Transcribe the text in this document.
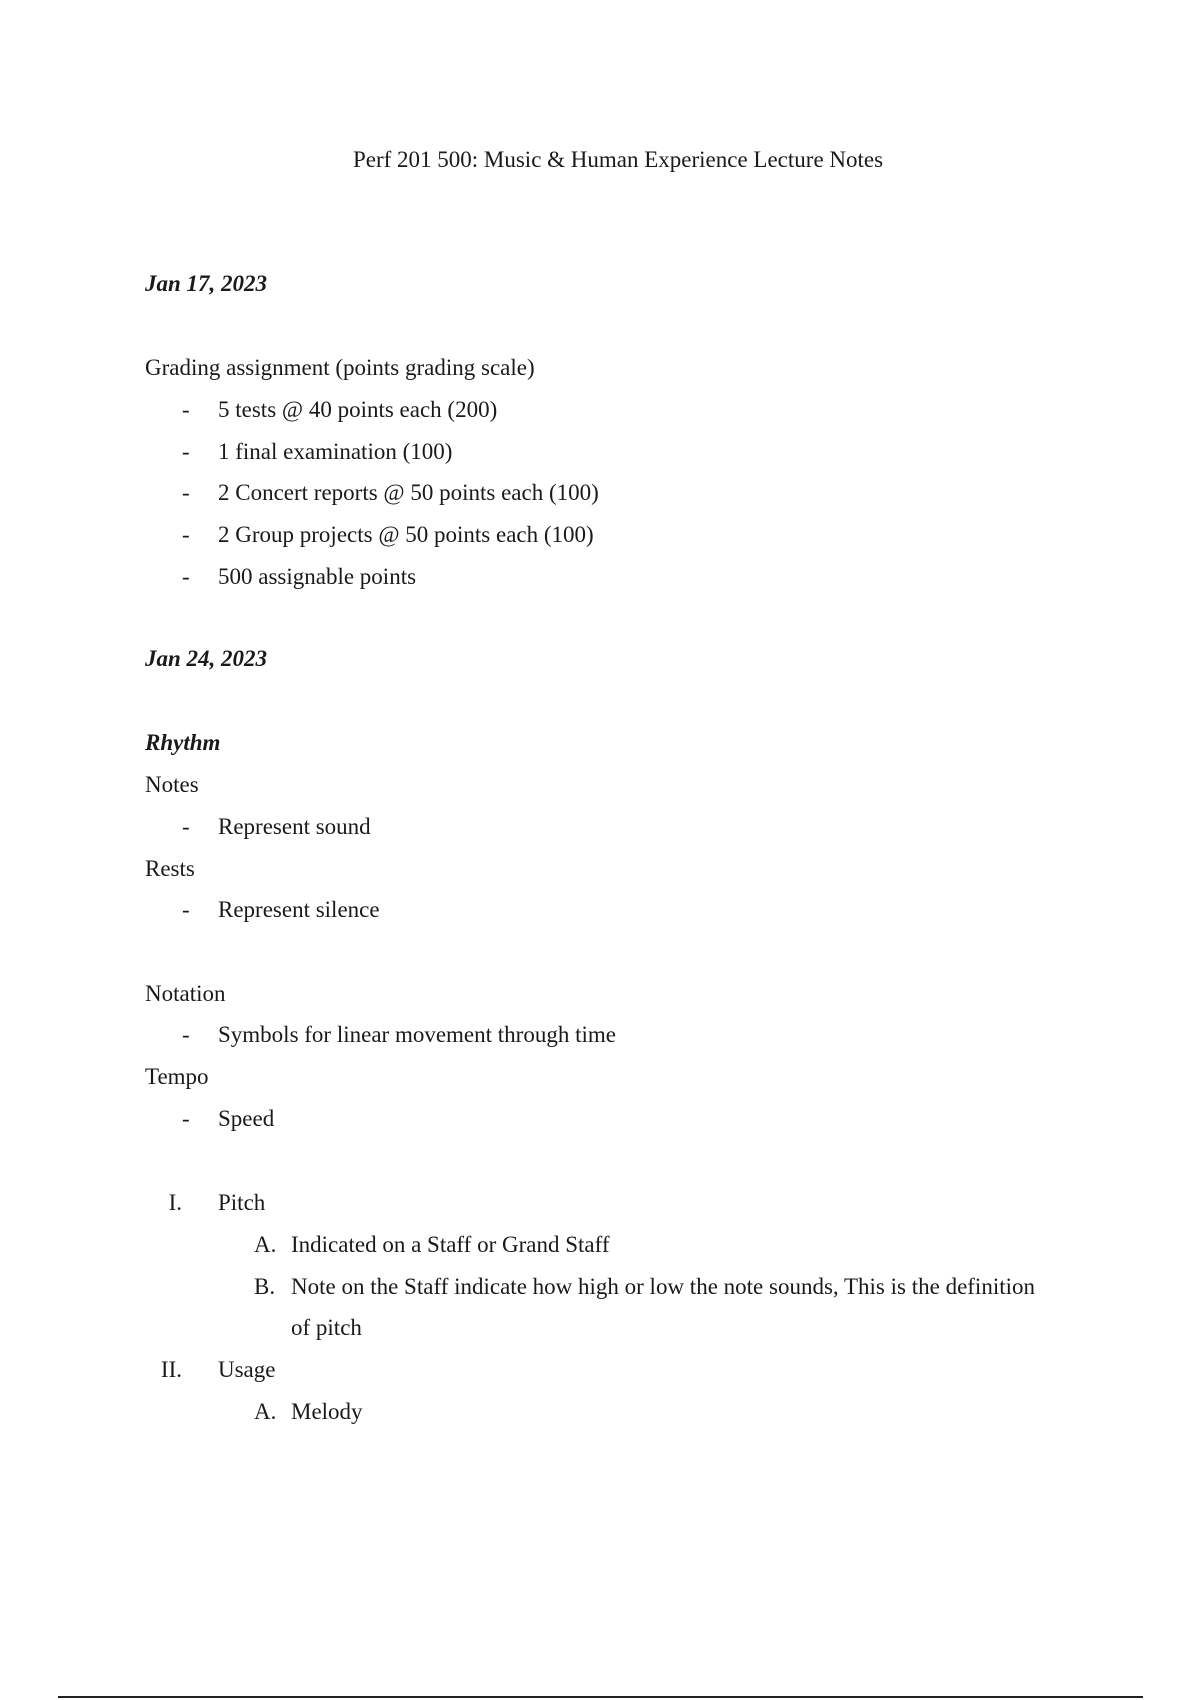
Perf 201 500: Music & Human Experience Lecture Notes
Jan 17, 2023
Grading assignment (points grading scale)
- 5 tests @ 40 points each (200)
- 1 final examination (100)
- 2 Concert reports @ 50 points each (100)
- 2 Group projects @ 50 points each (100)
- 500 assignable points
Jan 24, 2023
Rhythm
Notes
- Represent sound
Rests
- Represent silence
Notation
- Symbols for linear movement through time
Tempo
- Speed
I. Pitch
A. Indicated on a Staff or Grand Staff
B. Note on the Staff indicate how high or low the note sounds, This is the definition
of pitch
II. Usage
A. Melody
